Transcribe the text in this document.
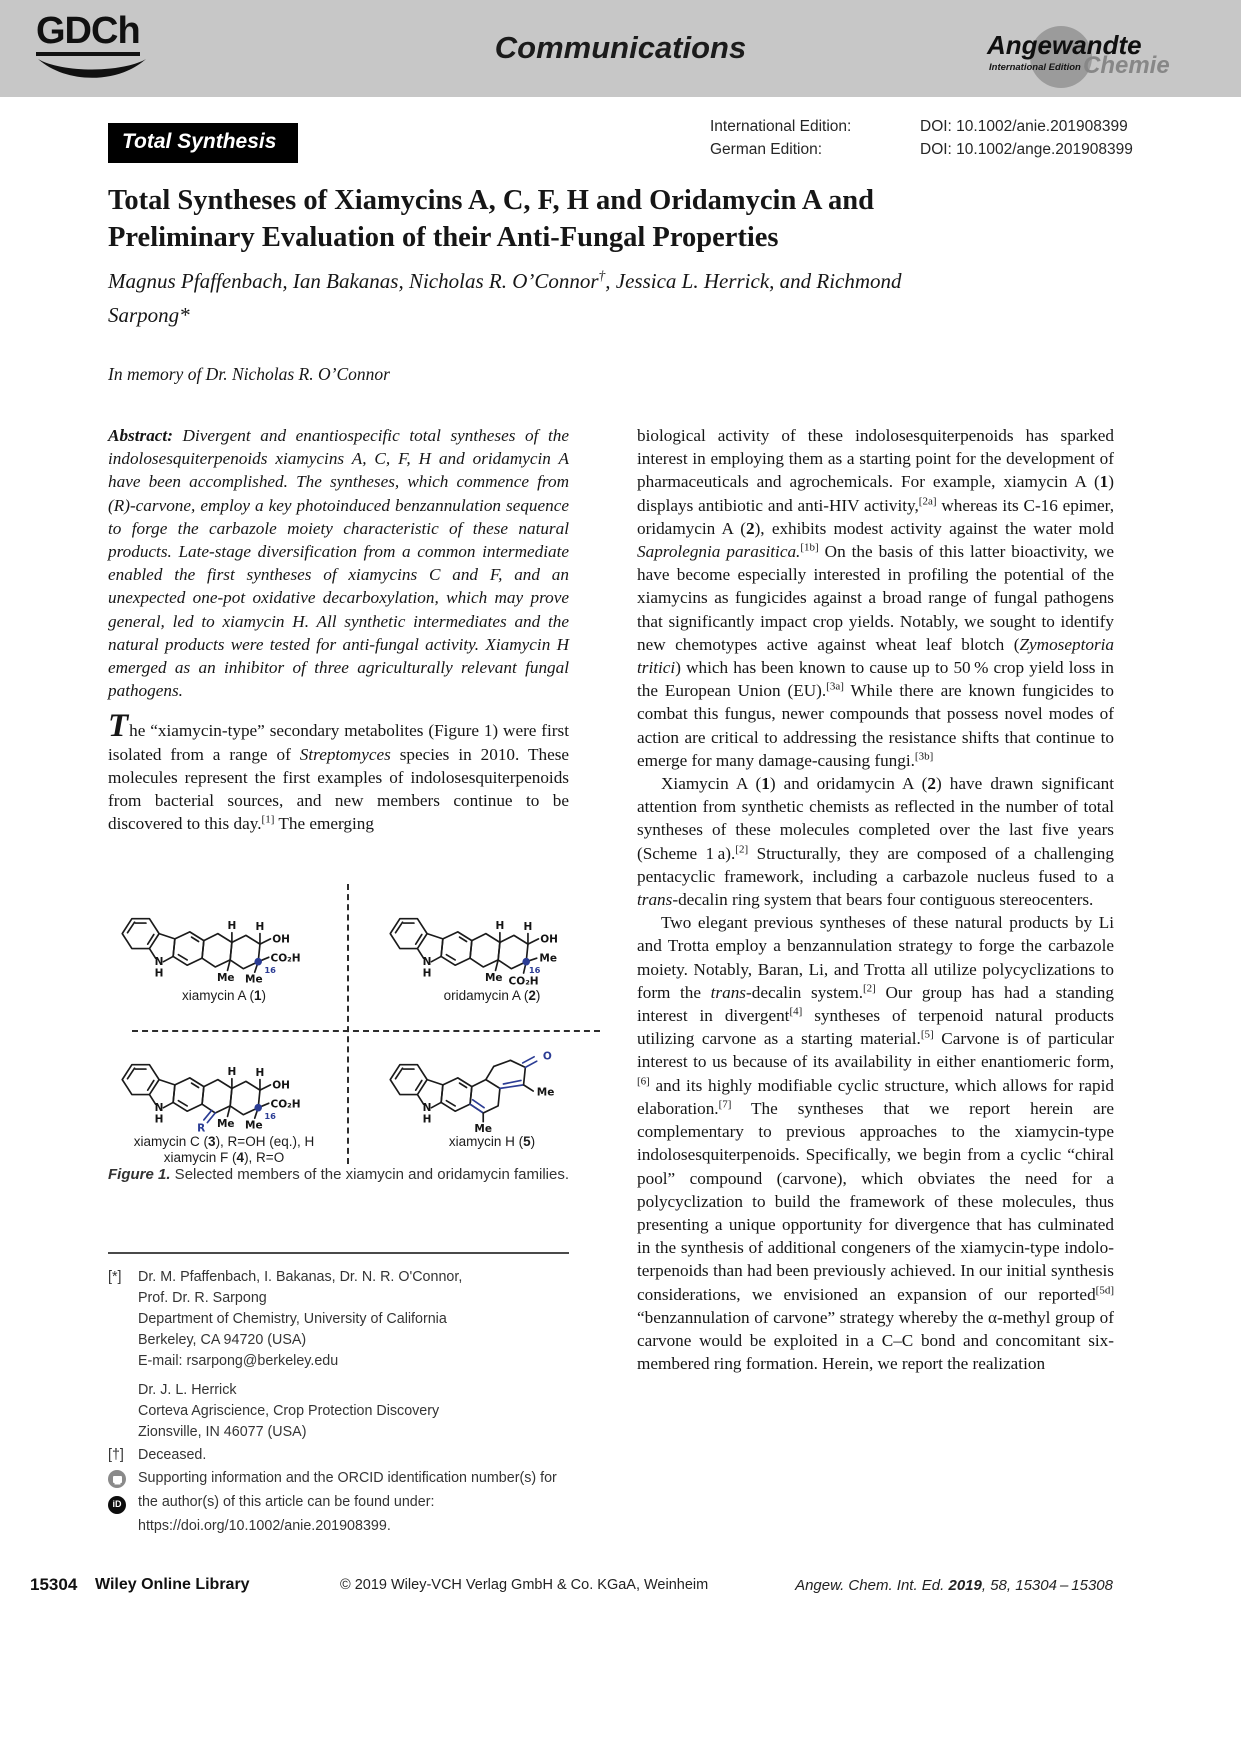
GDCh	Communications	Angewandte
International Edition Chemie
Total Synthesis
International Edition:	DOI: 10.1002/anie.201908399
German Edition:	DOI: 10.1002/ange.201908399
Total Syntheses of Xiamycins A, C, F, H and Oridamycin A and Preliminary Evaluation of their Anti-Fungal Properties
Magnus Pfaffenbach, Ian Bakanas, Nicholas R. O’Connor†, Jessica L. Herrick, and Richmond Sarpong*
In memory of Dr. Nicholas R. O’Connor

Abstract: Divergent and enantiospecific total syntheses of the indolosesquiterpenoids xiamycins A, C, F, H and oridamycin A have been accomplished. The syntheses, which commence from (R)-carvone, employ a key photoinduced benzannulation sequence to forge the carbazole moiety characteristic of these natural products. Late-stage diversification from a common intermediate enabled the first syntheses of xiamycins C and F, and an unexpected one-pot oxidative decarboxylation, which may prove general, led to xiamycin H. All synthetic intermediates and the natural products were tested for anti-fungal activity. Xiamycin H emerged as an inhibitor of three agriculturally relevant fungal pathogens.

The “xiamycin-type” secondary metabolites (Figure 1) were first isolated from a range of Streptomyces species in 2010. These molecules represent the first examples of indolosesquiterpenoids from bacterial sources, and new members continue to be discovered to this day.[1] The emerging

biological activity of these indolosesquiterpenoids has sparked interest in employing them as a starting point for the development of pharmaceuticals and agrochemicals. For example, xiamycin A (1) displays antibiotic and anti-HIV activity,[2a] whereas its C-16 epimer, oridamycin A (2), exhibits modest activity against the water mold Saprolegnia parasitica.[1b] On the basis of this latter bioactivity, we have become especially interested in profiling the potential of the xiamycins as fungicides against a broad range of fungal pathogens that significantly impact crop yields. Notably, we sought to identify new chemotypes active against wheat leaf blotch (Zymoseptoria tritici) which has been known to cause up to 50 % crop yield loss in the European Union (EU).[3a] While there are known fungicides to combat this fungus, newer compounds that possess novel modes of action are critical to addressing the resistance shifts that continue to emerge for many damage-causing fungi.[3b]

Xiamycin A (1) and oridamycin A (2) have drawn significant attention from synthetic chemists as reflected in the number of total syntheses of these molecules completed over the last five years (Scheme 1 a).[2] Structurally, they are composed of a challenging pentacyclic framework, including a carbazole nucleus fused to a trans-decalin ring system that bears four contiguous stereocenters.

Two elegant previous syntheses of these natural products by Li and Trotta employ a benzannulation strategy to forge the carbazole moiety. Notably, Baran, Li, and Trotta all utilize polycyclizations to form the trans-decalin system.[2] Our group has had a standing interest in divergent[4] syntheses of terpenoid natural products utilizing carvone as a starting material.[5] Carvone is of particular interest to us because of its availability in either enantiomeric form,[6] and its highly modifiable cyclic structure, which allows for rapid elaboration.[7] The syntheses that we report herein are complementary to previous approaches to the xiamycin-type indolosesquiterpenoids. Specifically, we begin from a cyclic “chiral pool” compound (carvone), which obviates the need for a polycyclization to build the framework of these molecules, thus presenting a unique opportunity for divergence that has culminated in the synthesis of additional congeners of the xiamycin-type indolo-terpenoids than had been previously achieved. In our initial synthesis considerations, we envisioned an expansion of our reported[5d] “benzannulation of carvone” strategy whereby the α-methyl group of carvone would be exploited in a C–C bond and concomitant six-membered ring formation. Herein, we report the realization

N
H
H H
OH
CO₂H
16
Me
Me
xiamycin A (1)
N
H
H H
OH
Me
16
CO₂H
Me
oridamycin A (2)
N
H
H H
OH
CO₂H
16
Me
Me
R
xiamycin C (3), R=OH (eq.), H
xiamycin F (4), R=O
N
H
O
Me
Me
xiamycin H (5)
Figure 1. Selected members of the xiamycin and oridamycin families.
[*]	Dr. M. Pfaffenbach, I. Bakanas, Dr. N. R. O'Connor,
Prof. Dr. R. Sarpong
Department of Chemistry, University of California
Berkeley, CA 94720 (USA)
E-mail: rsarpong@berkeley.edu
Dr. J. L. Herrick
Corteva Agriscience, Crop Protection Discovery
Zionsville, IN 46077 (USA)
[†] Deceased.
Supporting information and the ORCID identification number(s) for
iD	the author(s) of this article can be found under:
https://doi.org/10.1002/anie.201908399.
15304 Wiley Online Library	© 2019 Wiley-VCH Verlag GmbH & Co. KGaA, Weinheim	Angew. Chem. Int. Ed. 2019, 58, 15304 – 15308
